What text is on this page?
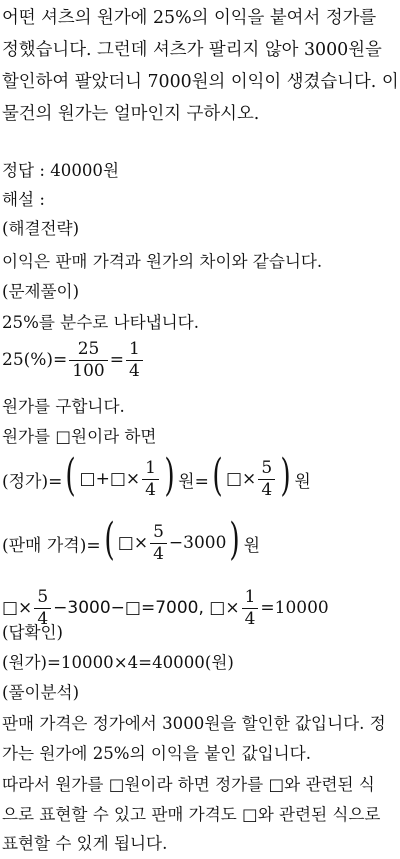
어떤 셔츠의 원가에 25%의 이익을 붙여서 정가를
정했습니다. 그런데 셔츠가 팔리지 않아 3000원을
할인하여 팔았더니 7000원의 이익이 생겼습니다. 이
물건의 원가는 얼마인지 구하시오.
정답 : 40000원
해설 :
(해결전략)
이익은 판매 가격과 원가의 차이와 같습니다.
(문제풀이)
25%를 분수로 나타냅니다.
$25(\%)= \frac{25}{100} = \frac{1}{4}$
원가를 구합니다.
원가를 □원이라 하면
(정가)= ( □+□× $\frac{1}{4}$ ) 원= ( □× $\frac{5}{4}$ ) 원
(판매 가격)= ( □× $\frac{5}{4} -3000$ ) 원
□× $\frac{5}{4}$ −3000−□=7000, □× $\frac{1}{4} =10000$
(답확인)
(원가)=10000×4=40000(원)
(풀이분석)
판매 가격은 정가에서 3000원을 할인한 값입니다. 정
가는 원가에 25%의 이익을 붙인 값입니다.
따라서 원가를 □원이라 하면 정가를 □와 관련된 식
으로 표현할 수 있고 판매 가격도 □와 관련된 식으로
표현할 수 있게 됩니다.
